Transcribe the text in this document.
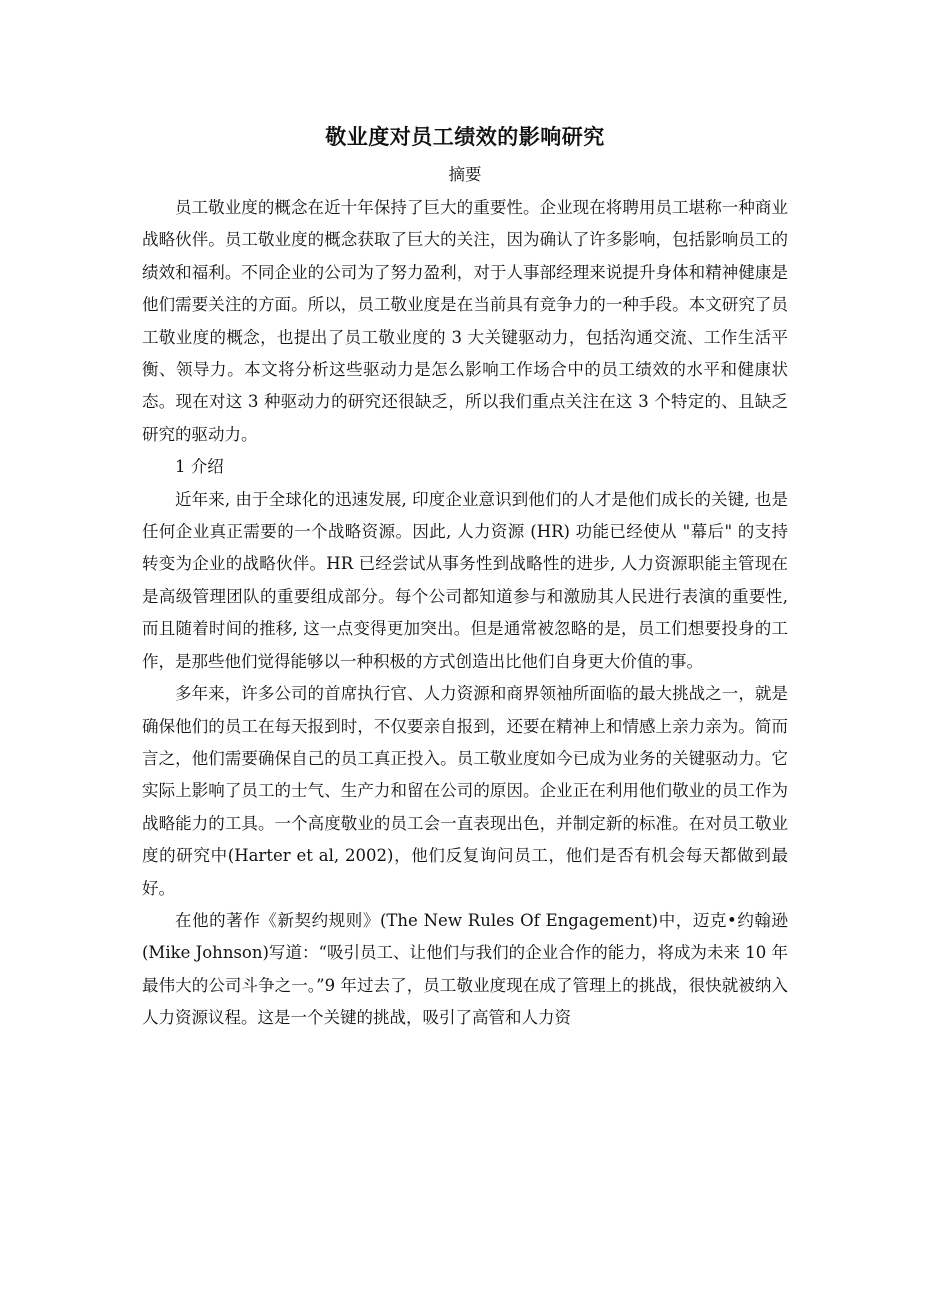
敬业度对员工绩效的影响研究
摘要

员工敬业度的概念在近十年保持了巨大的重要性。企业现在将聘用员工堪称一种商业战略伙伴。员工敬业度的概念获取了巨大的关注，因为确认了许多影响，包括影响员工的绩效和福利。不同企业的公司为了努力盈利，对于人事部经理来说提升身体和精神健康是他们需要关注的方面。所以，员工敬业度是在当前具有竞争力的一种手段。本文研究了员工敬业度的概念，也提出了员工敬业度的 3 大关键驱动力，包括沟通交流、工作生活平衡、领导力。本文将分析这些驱动力是怎么影响工作场合中的员工绩效的水平和健康状态。现在对这 3 种驱动力的研究还很缺乏，所以我们重点关注在这 3 个特定的、且缺乏研究的驱动力。

1 介绍

近年来, 由于全球化的迅速发展, 印度企业意识到他们的人才是他们成长的关键, 也是任何企业真正需要的一个战略资源。因此, 人力资源 (HR) 功能已经使从 "幕后" 的支持转变为企业的战略伙伴。HR 已经尝试从事务性到战略性的进步, 人力资源职能主管现在是高级管理团队的重要组成部分。每个公司都知道参与和激励其人民进行表演的重要性, 而且随着时间的推移, 这一点变得更加突出。但是通常被忽略的是，员工们想要投身的工作，是那些他们觉得能够以一种积极的方式创造出比他们自身更大价值的事。

多年来，许多公司的首席执行官、人力资源和商界领袖所面临的最大挑战之一，就是确保他们的员工在每天报到时，不仅要亲自报到，还要在精神上和情感上亲力亲为。简而言之，他们需要确保自己的员工真正投入。员工敬业度如今已成为业务的关键驱动力。它实际上影响了员工的士气、生产力和留在公司的原因。企业正在利用他们敬业的员工作为战略能力的工具。一个高度敬业的员工会一直表现出色，并制定新的标准。在对员工敬业度的研究中(Harter et al, 2002)，他们反复询问员工，他们是否有机会每天都做到最好。

在他的著作《新契约规则》(The New Rules Of Engagement)中，迈克•约翰逊(Mike Johnson)写道：“吸引员工、让他们与我们的企业合作的能力，将成为未来 10 年最伟大的公司斗争之一。”9 年过去了，员工敬业度现在成了管理上的挑战，很快就被纳入人力资源议程。这是一个关键的挑战，吸引了高管和人力资
